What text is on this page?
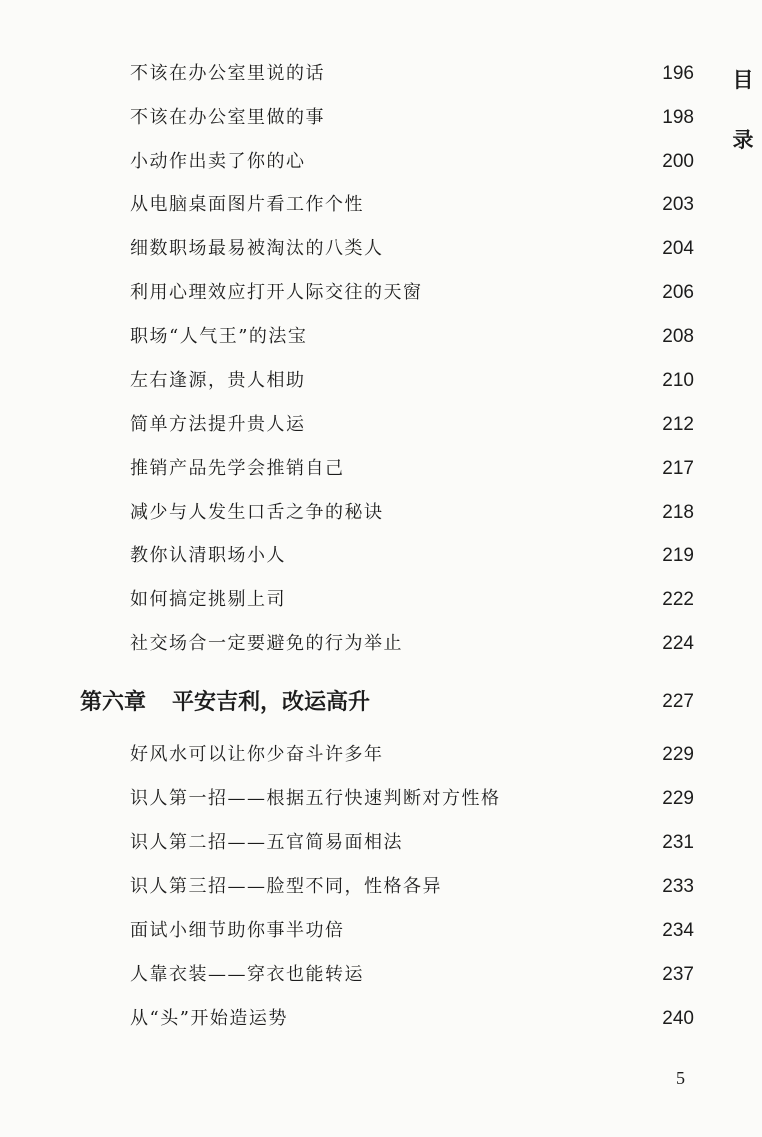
目
录
不该在办公室里说的话	196
不该在办公室里做的事	198
小动作出卖了你的心	200
从电脑桌面图片看工作个性	203
细数职场最易被淘汰的八类人	204
利用心理效应打开人际交往的天窗	206
职场“人气王”的法宝	208
左右逢源，贵人相助	210
简单方法提升贵人运	212
推销产品先学会推销自己	217
减少与人发生口舌之争的秘诀	218
教你认清职场小人	219
如何搞定挑剔上司	222
社交场合一定要避免的行为举止	224
第六章 平安吉利，改运高升	227
好风水可以让你少奋斗许多年	229
识人第一招——根据五行快速判断对方性格	229
识人第二招——五官简易面相法	231
识人第三招——脸型不同，性格各异	233
面试小细节助你事半功倍	234
人靠衣装——穿衣也能转运	237
从“头”开始造运势	240
5
